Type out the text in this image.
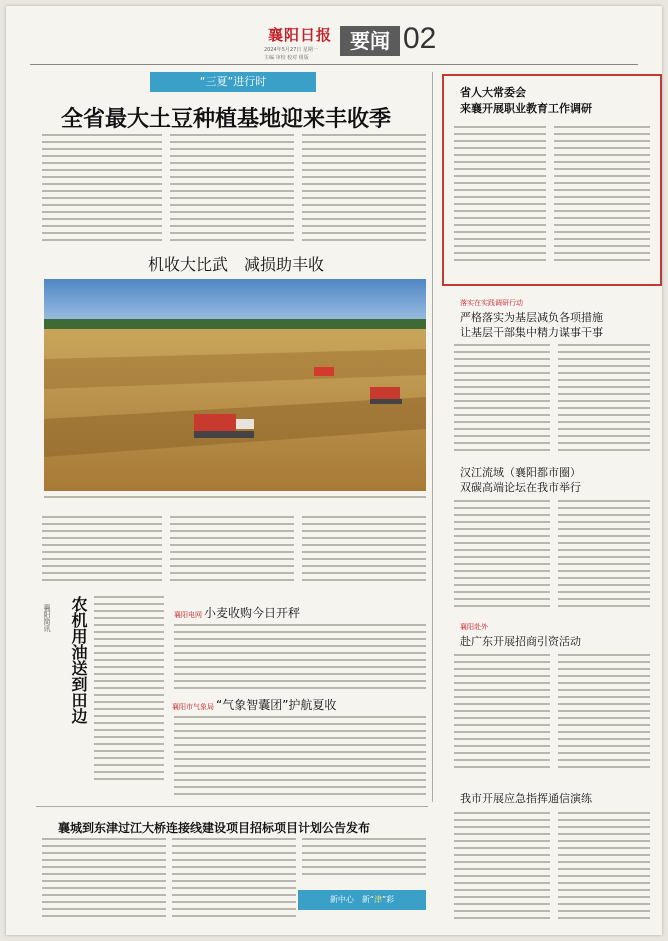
襄阳日报
2024年5月27日 星期一
主编 审校 校对 组版
要闻 02
“三夏”进行时
全省最大土豆种植基地迎来丰收季
机收大比武　减损助丰收
襄阳简讯	农机用油送到田边	襄阳电网 小麦收购今日开秤
襄阳市气象局 “气象智囊团”护航夏收
省人大常委会
来襄开展职业教育工作调研
落实在实践调研行动
严格落实为基层减负各项措施
让基层干部集中精力谋事干事
汉江流域（襄阳都市圈）
双碳高端论坛在我市举行
襄阳赴外
赴广东开展招商引资活动
我市开展应急指挥通信演练
襄城到东津过江大桥连接线建设项目招标项目计划公告发布
新中心　新“津”彩
